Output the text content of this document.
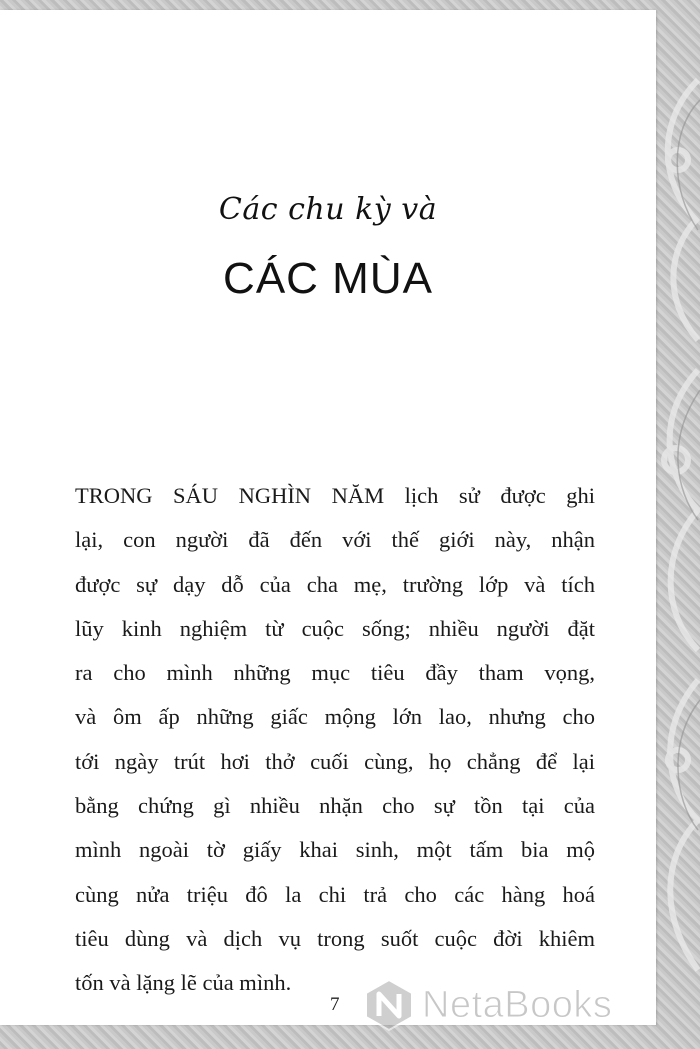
Các chu kỳ và
CÁC MÙA
TRONG SÁU NGHÌN NĂM lịch sử được ghi
lại, con người đã đến với thế giới này, nhận
được sự dạy dỗ của cha mẹ, trường lớp và tích
lũy kinh nghiệm từ cuộc sống; nhiều người đặt
ra cho mình những mục tiêu đầy tham vọng,
và ôm ấp những giấc mộng lớn lao, nhưng cho
tới ngày trút hơi thở cuối cùng, họ chẳng để lại
bằng chứng gì nhiều nhặn cho sự tồn tại của
mình ngoài tờ giấy khai sinh, một tấm bia mộ
cùng nửa triệu đô la chi trả cho các hàng hoá
tiêu dùng và dịch vụ trong suốt cuộc đời khiêm
tốn và lặng lẽ của mình.
7 NetaBooks
